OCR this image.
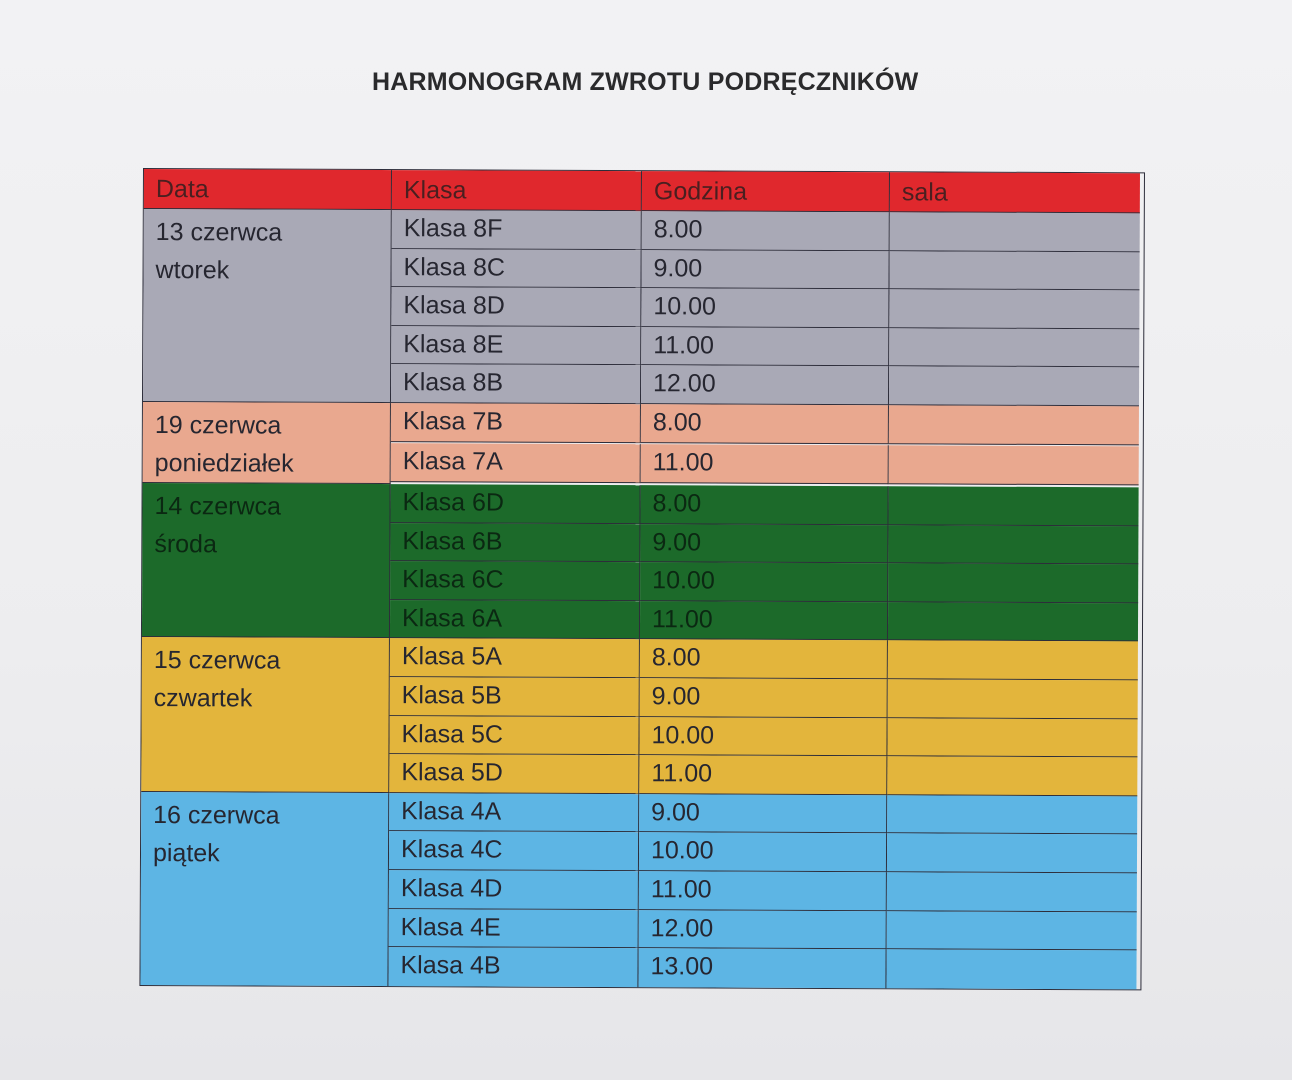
HARMONOGRAM ZWROTU PODRĘCZNIKÓW
Data	Klasa	Godzina	sala
13 czerwca
wtorek
Klasa 8F	8.00
Klasa 8C	9.00
Klasa 8D	10.00
Klasa 8E	11.00
Klasa 8B	12.00
19 czerwca
poniedziałek
Klasa 7B	8.00
Klasa 7A	11.00
14 czerwca
środa
Klasa 6D	8.00
Klasa 6B	9.00
Klasa 6C	10.00
Klasa 6A	11.00
15 czerwca
czwartek
Klasa 5A	8.00
Klasa 5B	9.00
Klasa 5C	10.00
Klasa 5D	11.00
16 czerwca
piątek
Klasa 4A	9.00
Klasa 4C	10.00
Klasa 4D	11.00
Klasa 4E	12.00
Klasa 4B	13.00
